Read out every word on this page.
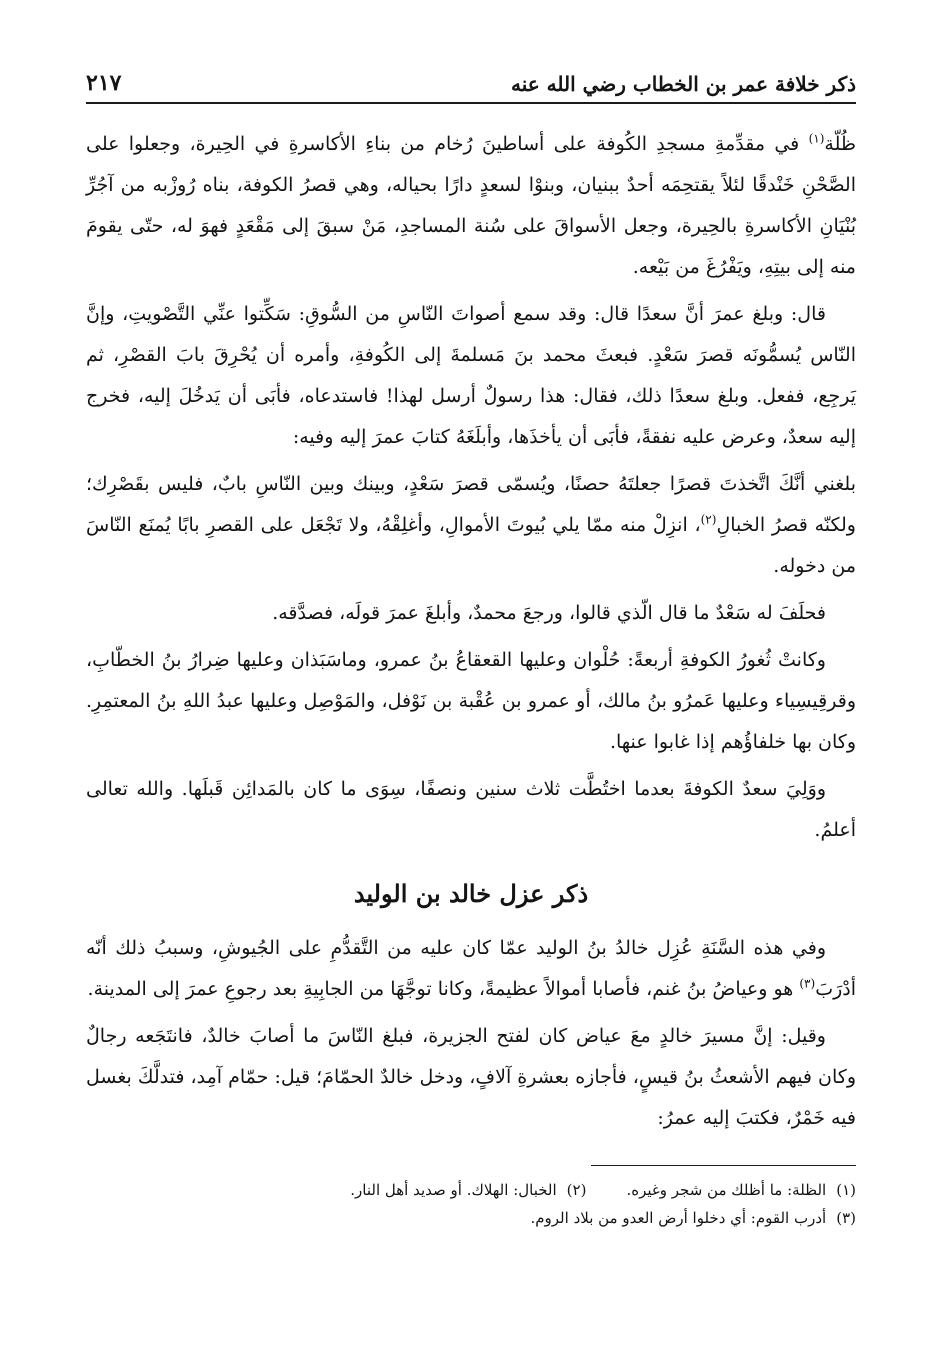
ذكر خلافة عمر بن الخطاب رضي الله عنه
٢١٧

ظُلّة$^{(١)}$ في مقدِّمةِ مسجدِ الكُوفة على أساطينَ رُخام من بناءِ الأكاسرةِ في الحِيرة، وجعلوا على الصَّحْنِ خَنْدقًا لئلاً يقتحِمَه أحدٌ ببنيان، وبنوْا لسعدٍ دارًا بحياله، وهي قصرُ الكوفة، بناه رُوزْبه من آجُرِّ بُنْيَانِ الأكاسرةِ بالحِيرة، وجعل الأسواقَ على سُنة المساجدِ، مَنْ سبقَ إلى مَقْعَدٍ فهوَ له، حتّى يقومَ منه إلى بيتِهِ، ويَفْرُغَ من بَيْعه.

قال: وبلغ عمرَ أنَّ سعدًا قال: وقد سمع أصواتَ النّاسِ من السُّوقِ: سَكِّتوا عنِّي التَّصْويتِ، وإنَّ النّاس يُسمُّونَه قصرَ سَعْدٍ. فبعثَ محمد بنَ مَسلمةَ إلى الكُوفةِ، وأمره أن يُحْرِقَ بابَ القصْرِ، ثم يَرجِع، ففعل. وبلغ سعدًا ذلك، فقال: هذا رسولٌ أرسل لهذا! فاستدعاه، فأبَى أن يَدخُلَ إليه، فخرج إليه سعدٌ، وعرض عليه نفقةً، فأبَى أن يأخذَها، وأبلَغَهُ كتابَ عمرَ إليه وفيه:

بلغني أنَّكَ اتَّخذتَ قصرًا جعلتَهُ حصنًا، ويُسمّى قصرَ سَعْدٍ، وبينك وبين النّاسِ بابٌ، فليس بقَصْرِك؛ ولكنّه قصرُ الخبالِ$^{(٢)}$، انزِلْ منه ممّا يلي بُيوتَ الأموالِ، وأغلِقْهُ، ولا تَجْعَل على القصرِ بابًا يُمنَع النّاسَ من دخوله.

فحلَفَ له سَعْدٌ ما قال الّذي قالوا، ورجعَ محمدٌ، وأبلغَ عمرَ قولَه، فصدَّقه.

وكانتْ ثُغورُ الكوفةِ أربعةً: حُلْوان وعليها القعقاعُ بنُ عمرو، وماسَبَذان وعليها ضِرارُ بنُ الخطّابِ، وقرقِيسِياء وعليها عَمرُو بنُ مالك، أو عمرو بن عُقْبة بن نَوْفل، والمَوْصِل وعليها عبدُ اللهِ بنُ المعتمِرِ. وكان بها خلفاؤُهم إذا غابوا عنها.

ووَلِيَ سعدٌ الكوفةَ بعدما اختُطَّت ثلاث سنين ونصفًا، سِوَى ما كان بالمَدائِن قَبلَها. والله تعالى أعلمُ.

ذكر عزل خالد بن الوليد

وفي هذه السَّنَةِ عُزِل خالدُ بنُ الوليد عمّا كان عليه من التَّقدُّمِ على الجُيوشِ، وسببُ ذلك أنّه أدْرَبَ$^{(٣)}$ هو وعياضُ بنُ غنم، فأصابا أموالاً عظيمةً، وكانا توجَّهَا من الجابِيةِ بعد رجوعِ عمرَ إلى المدينة.

وقيل: إنَّ مسيرَ خالدٍ معَ عياض كان لفتح الجزيرة، فبلغ النّاسَ ما أصابَ خالدٌ، فانتَجَعه رجالٌ وكان فيهم الأشعثُ بنُ قيسٍ، فأجازه بعشرةِ آلافٍ، ودخل خالدٌ الحمّامَ؛ قيل: حمّام آمِد، فتدلَّكَ بغسل فيه خَمْرٌ، فكتبَ إليه عمرُ:

(١)الظلة: ما أظلك من شجر وغيره.
(٢)الخبال: الهلاك. أو صديد أهل النار.
(٣)أدرب القوم: أي دخلوا أرض العدو من بلاد الروم.
